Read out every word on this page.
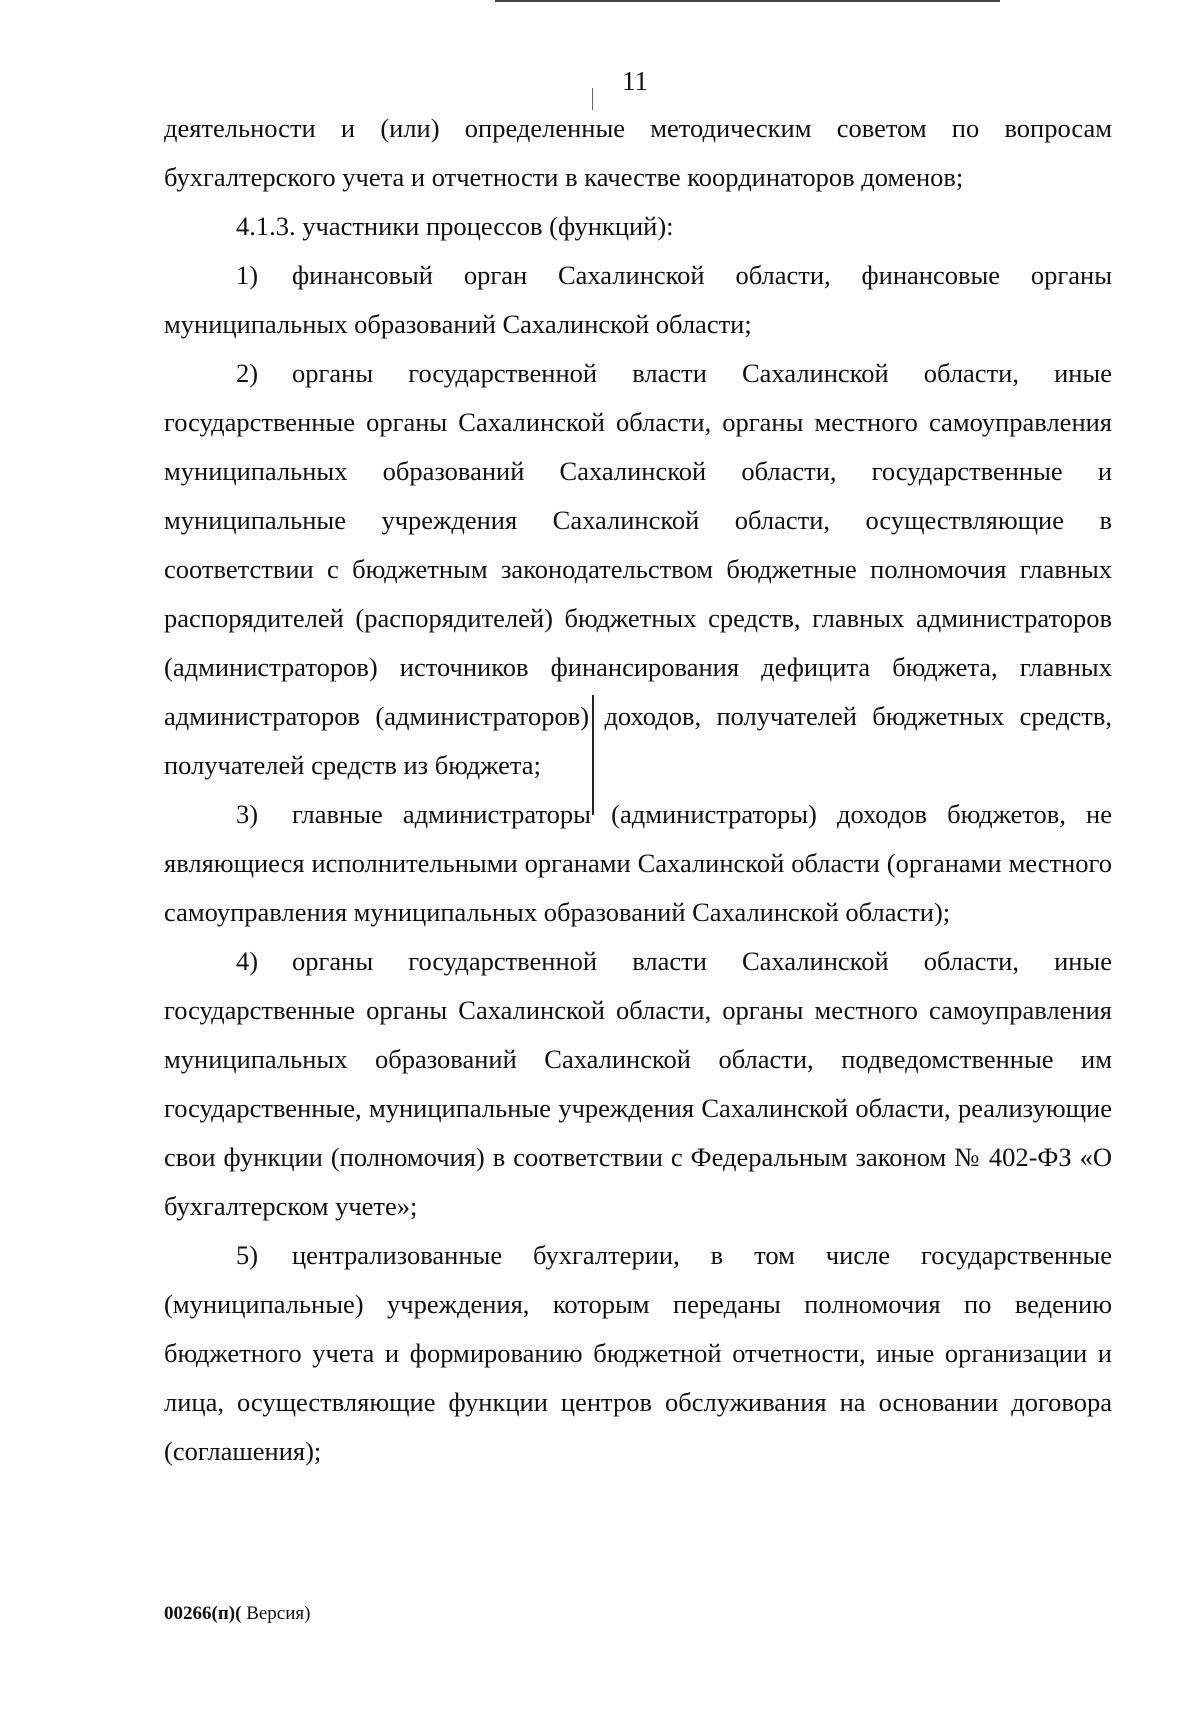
11

деятельности и (или) определенные методическим советом по вопросам бухгалтерского учета и отчетности в качестве координаторов доменов;

4.1.3. участники процессов (функций):

1) финансовый орган Сахалинской области, финансовые органы муниципальных образований Сахалинской области;

2) органы государственной власти Сахалинской области, иные государственные органы Сахалинской области, органы местного самоуправления муниципальных образований Сахалинской области, государственные и муниципальные учреждения Сахалинской области, осуществляющие в соответствии с бюджетным законодательством бюджетные полномочия главных распорядителей (распорядителей) бюджетных средств, главных администраторов (администраторов) источников финансирования дефицита бюджета, главных администраторов (администраторов) доходов, получателей бюджетных средств, получателей средств из бюджета;

3) главные администраторы (администраторы) доходов бюджетов, не являющиеся исполнительными органами Сахалинской области (органами местного самоуправления муниципальных образований Сахалинской области);

4) органы государственной власти Сахалинской области, иные государственные органы Сахалинской области, органы местного самоуправления муниципальных образований Сахалинской области, подведомственные им государственные, муниципальные учреждения Сахалинской области, реализующие свои функции (полномочия) в соответствии с Федеральным законом № 402-ФЗ «О бухгалтерском учете»;

5) централизованные бухгалтерии, в том числе государственные (муниципальные) учреждения, которым переданы полномочия по ведению бюджетного учета и формированию бюджетной отчетности, иные организации и лица, осуществляющие функции центров обслуживания на основании договора (соглашения);

00266(п)( Версия)
